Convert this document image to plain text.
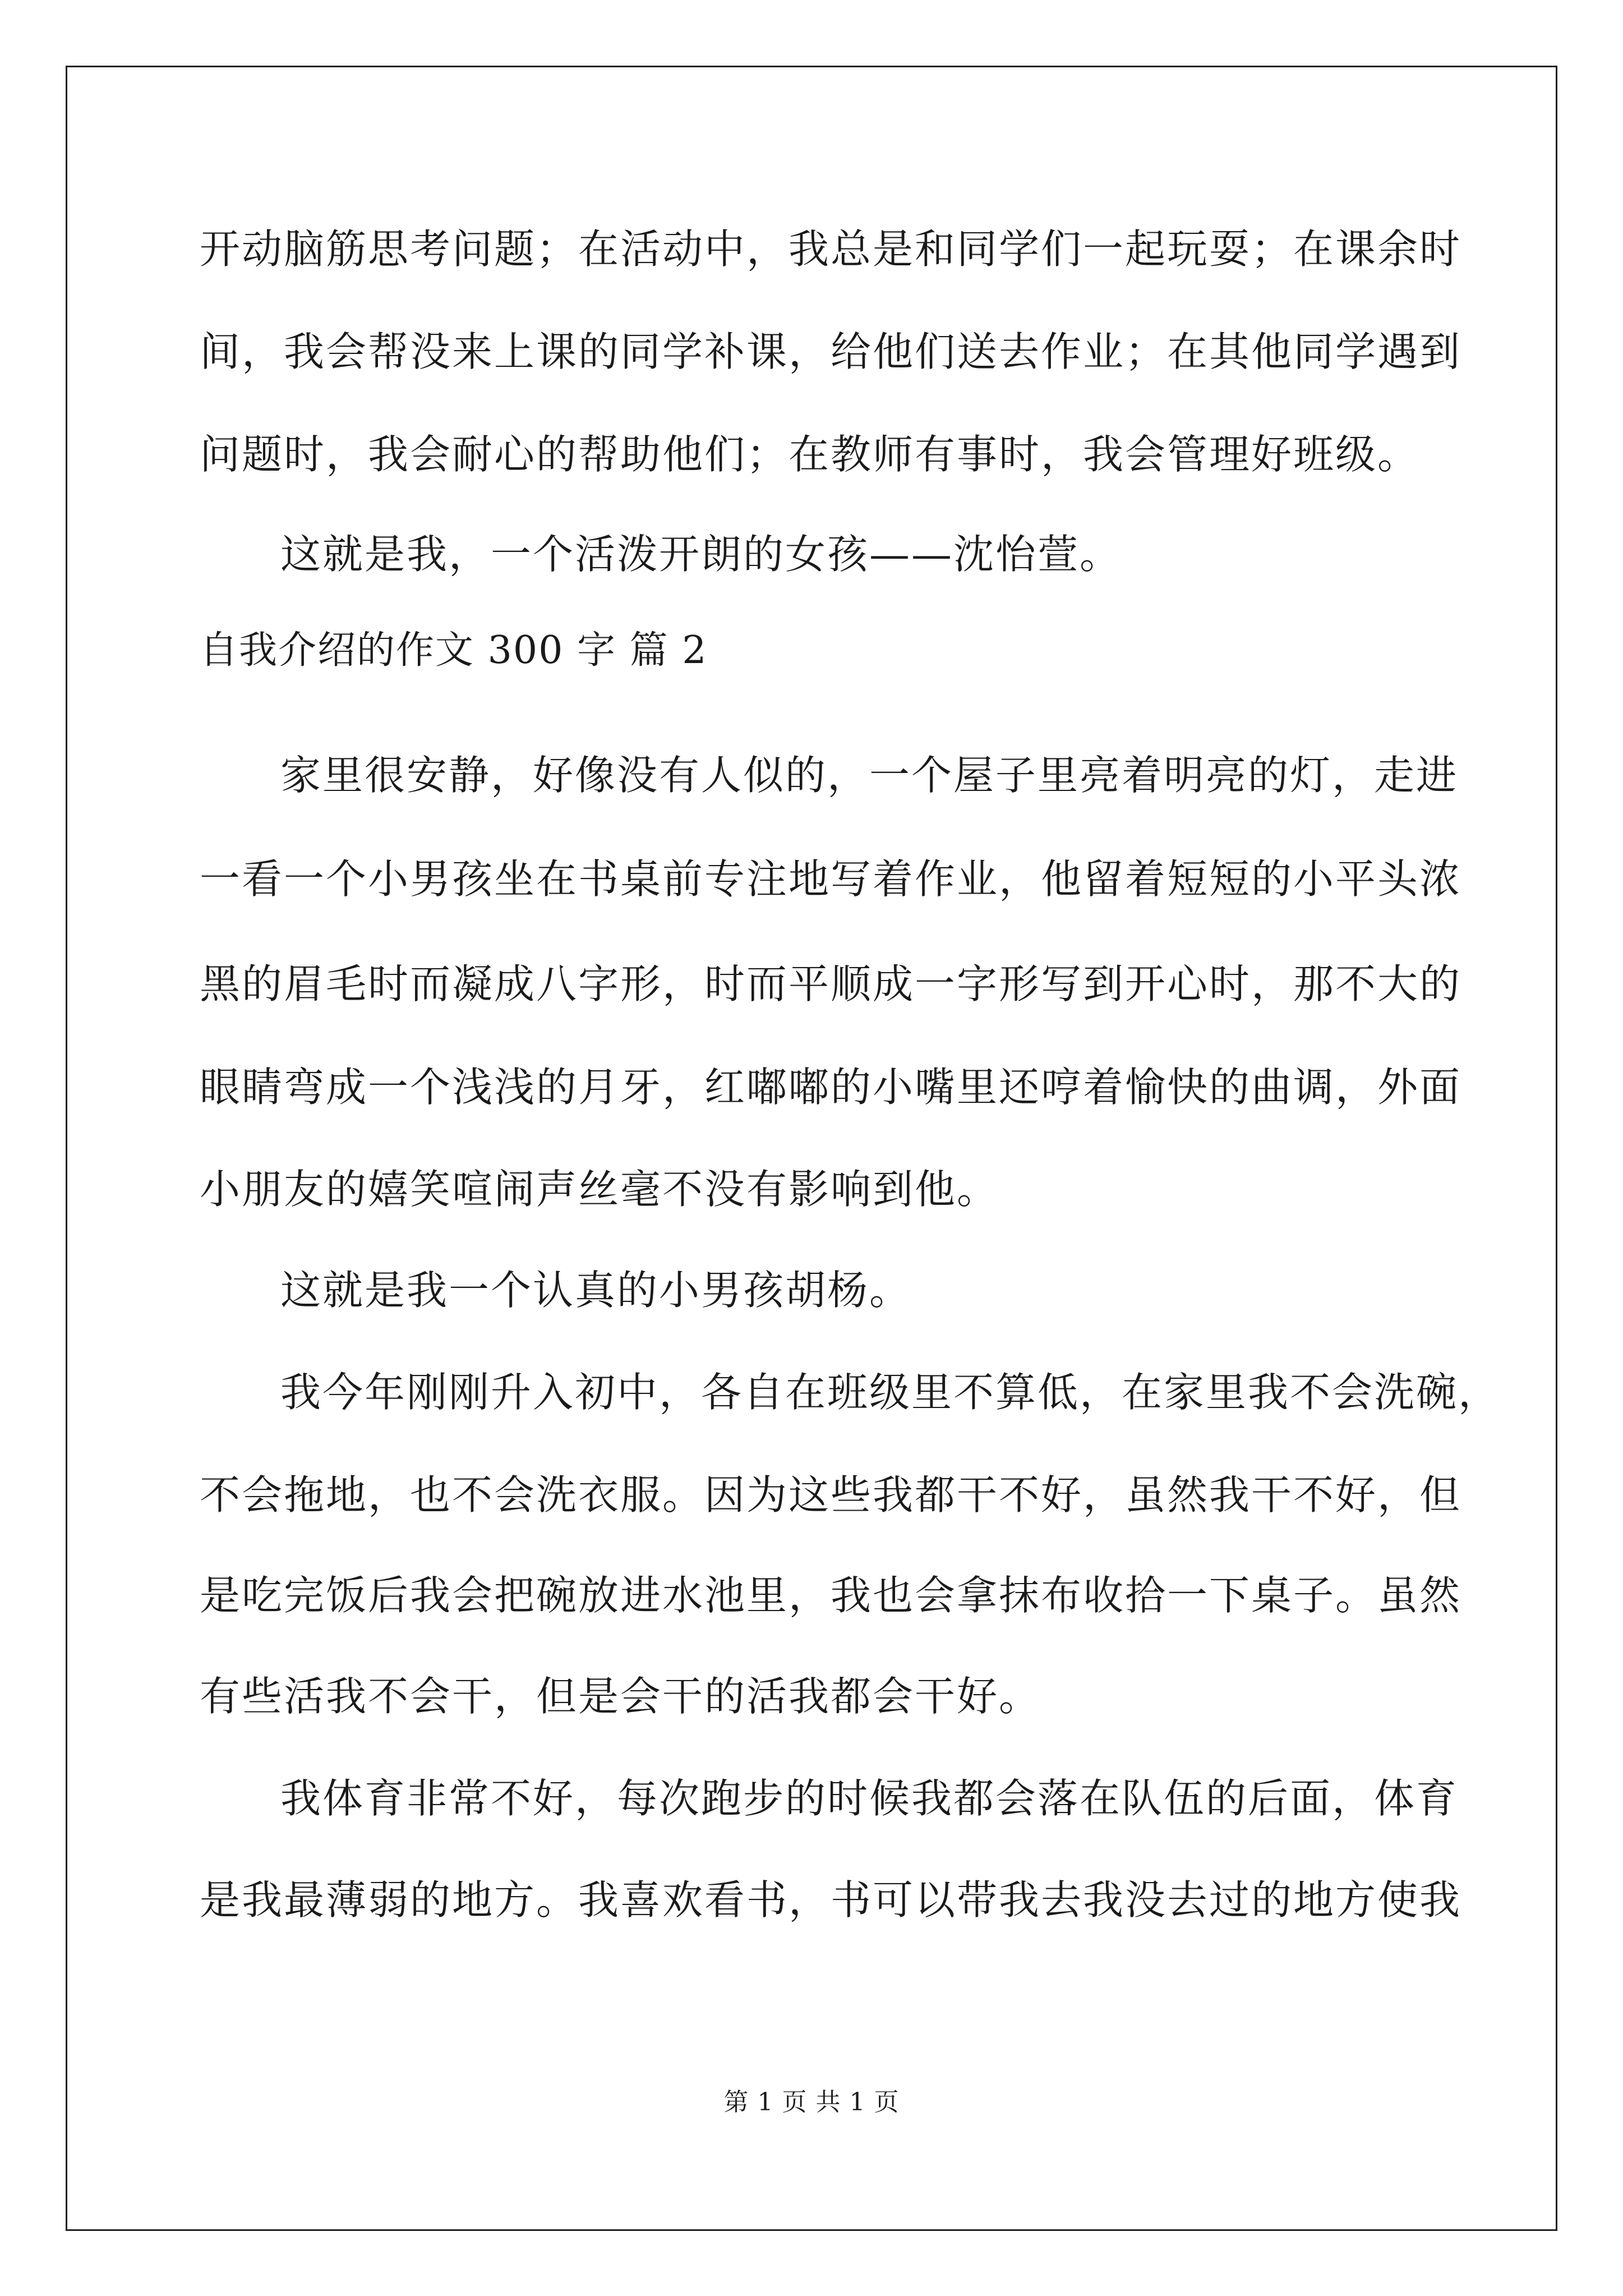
开动脑筋思考问题；在活动中，我总是和同学们一起玩耍；在课余时
间，我会帮没来上课的同学补课，给他们送去作业；在其他同学遇到
问题时，我会耐心的帮助他们；在教师有事时，我会管理好班级。
这就是我，一个活泼开朗的女孩——沈怡萱。
自我介绍的作文 300 字 篇 2
家里很安静，好像没有人似的，一个屋子里亮着明亮的灯，走进
一看一个小男孩坐在书桌前专注地写着作业，他留着短短的小平头浓
黑的眉毛时而凝成八字形，时而平顺成一字形写到开心时，那不大的
眼睛弯成一个浅浅的月牙，红嘟嘟的小嘴里还哼着愉快的曲调，外面
小朋友的嬉笑喧闹声丝毫不没有影响到他。
这就是我一个认真的小男孩胡杨。
我今年刚刚升入初中，各自在班级里不算低，在家里我不会洗碗，
不会拖地，也不会洗衣服。因为这些我都干不好，虽然我干不好，但
是吃完饭后我会把碗放进水池里，我也会拿抹布收拾一下桌子。虽然
有些活我不会干，但是会干的活我都会干好。
我体育非常不好，每次跑步的时候我都会落在队伍的后面，体育
是我最薄弱的地方。我喜欢看书，书可以带我去我没去过的地方使我
第 1 页 共 1 页
